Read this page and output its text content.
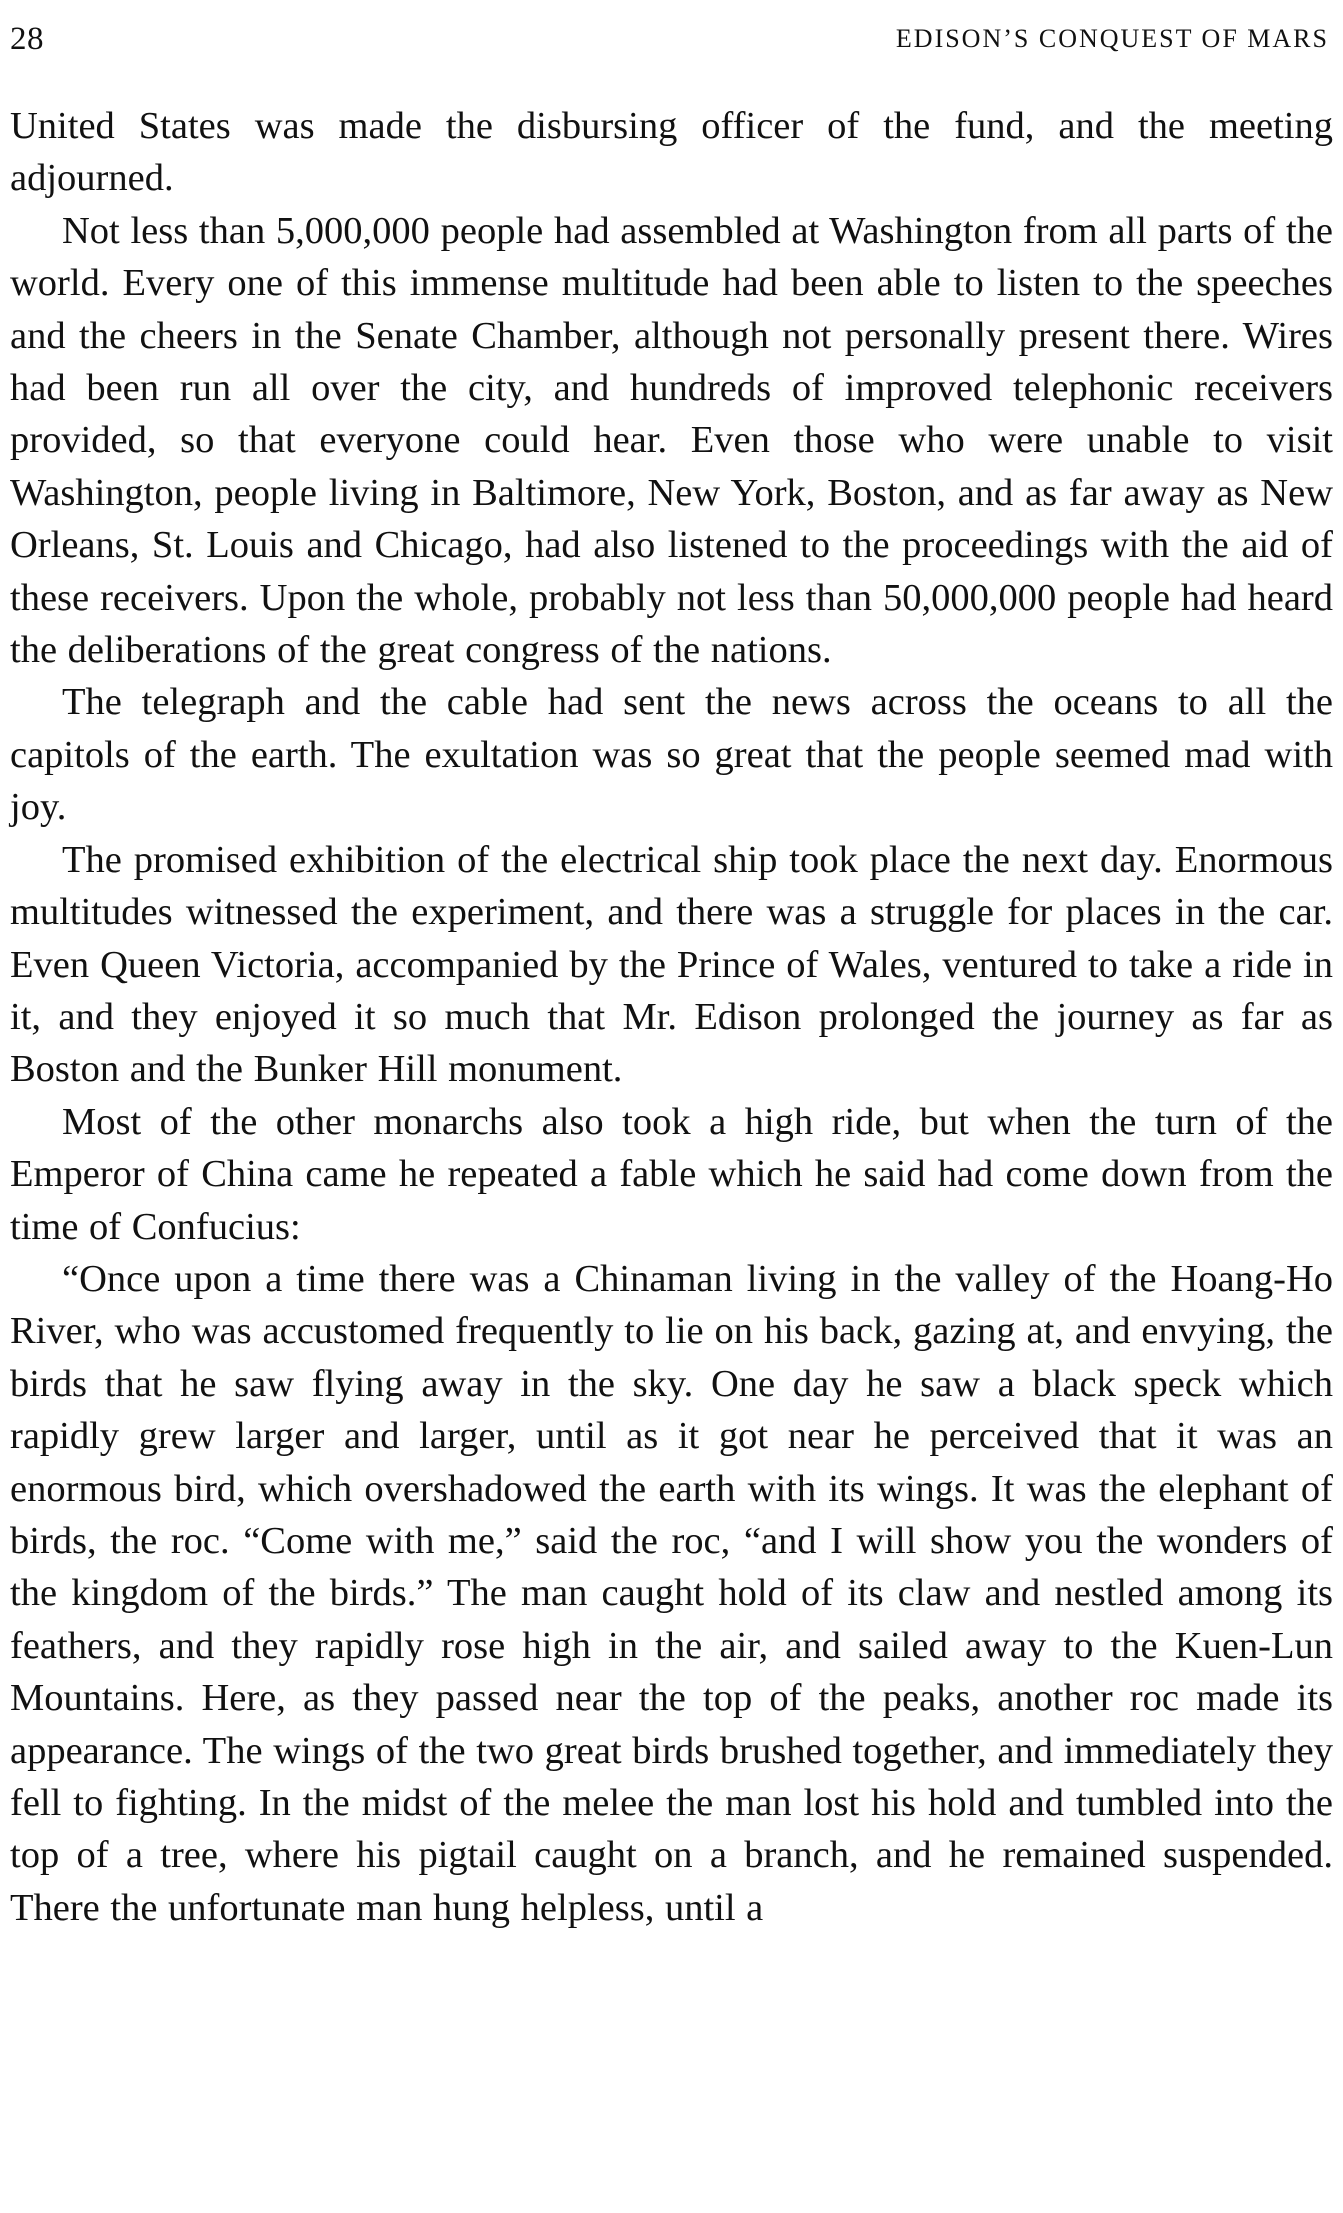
28	EDISON’S CONQUEST OF MARS

United States was made the disbursing officer of the fund, and the meeting adjourned.

Not less than 5,000,000 people had assembled at Washington from all parts of the world. Every one of this immense multitude had been able to listen to the speeches and the cheers in the Senate Chamber, although not personally present there. Wires had been run all over the city, and hundreds of improved telephonic receivers provided, so that everyone could hear. Even those who were unable to visit Washington, people living in Baltimore, New York, Boston, and as far away as New Orleans, St. Louis and Chicago, had also listened to the proceedings with the aid of these receivers. Upon the whole, probably not less than 50,000,000 people had heard the deliberations of the great congress of the nations.

The telegraph and the cable had sent the news across the oceans to all the capitols of the earth. The exultation was so great that the people seemed mad with joy.

The promised exhibition of the electrical ship took place the next day. Enormous multitudes witnessed the experiment, and there was a struggle for places in the car. Even Queen Victoria, accompanied by the Prince of Wales, ventured to take a ride in it, and they enjoyed it so much that Mr. Edison prolonged the journey as far as Boston and the Bunker Hill monument.

Most of the other monarchs also took a high ride, but when the turn of the Emperor of China came he repeated a fable which he said had come down from the time of Confucius:

“Once upon a time there was a Chinaman living in the valley of the Hoang-Ho River, who was accustomed frequently to lie on his back, gazing at, and envying, the birds that he saw flying away in the sky. One day he saw a black speck which rapidly grew larger and larger, until as it got near he perceived that it was an enormous bird, which overshadowed the earth with its wings. It was the elephant of birds, the roc. “Come with me,” said the roc, “and I will show you the wonders of the kingdom of the birds.” The man caught hold of its claw and nestled among its feathers, and they rapidly rose high in the air, and sailed away to the Kuen-Lun Mountains. Here, as they passed near the top of the peaks, another roc made its appearance. The wings of the two great birds brushed together, and immediately they fell to fighting. In the midst of the melee the man lost his hold and tumbled into the top of a tree, where his pigtail caught on a branch, and he remained suspended. There the unfortunate man hung helpless, until a
